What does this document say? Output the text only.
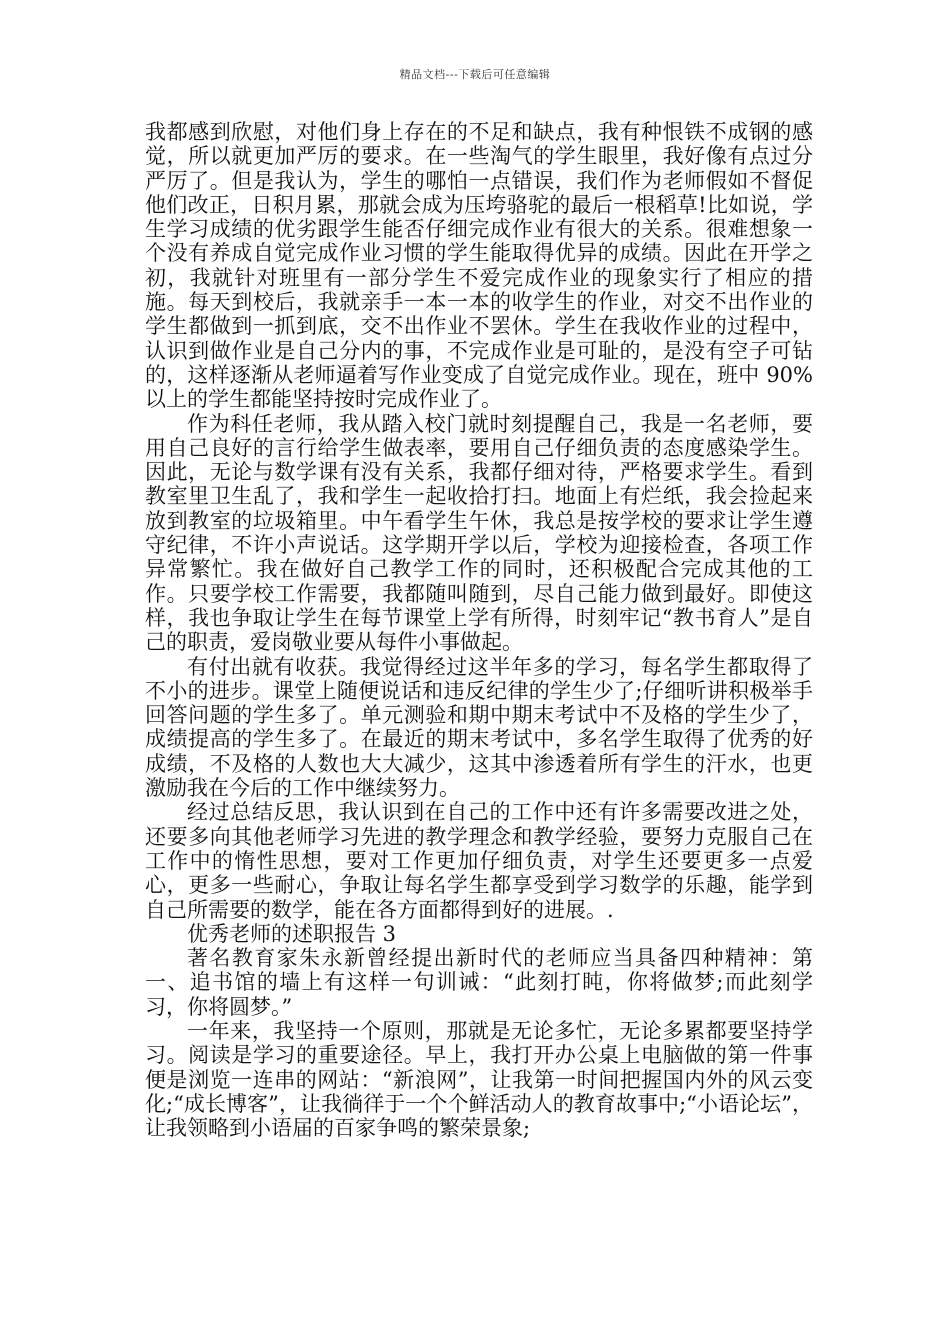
精品文档---下载后可任意编辑

我都感到欣慰，对他们身上存在的不足和缺点，我有种恨铁不成钢的感觉，所以就更加严厉的要求。在一些淘气的学生眼里，我好像有点过分严厉了。但是我认为，学生的哪怕一点错误，我们作为老师假如不督促他们改正，日积月累，那就会成为压垮骆驼的最后一根稻草!比如说，学生学习成绩的优劣跟学生能否仔细完成作业有很大的关系。很难想象一个没有养成自觉完成作业习惯的学生能取得优异的成绩。因此在开学之初，我就针对班里有一部分学生不爱完成作业的现象实行了相应的措施。每天到校后，我就亲手一本一本的收学生的作业，对交不出作业的学生都做到一抓到底，交不出作业不罢休。学生在我收作业的过程中，认识到做作业是自己分内的事，不完成作业是可耻的，是没有空子可钻的，这样逐渐从老师逼着写作业变成了自觉完成作业。现在，班中 90%以上的学生都能坚持按时完成作业了。

作为科任老师，我从踏入校门就时刻提醒自己，我是一名老师，要用自己良好的言行给学生做表率，要用自己仔细负责的态度感染学生。因此，无论与数学课有没有关系，我都仔细对待，严格要求学生。看到教室里卫生乱了，我和学生一起收拾打扫。地面上有烂纸，我会捡起来放到教室的垃圾箱里。中午看学生午休，我总是按学校的要求让学生遵守纪律，不许小声说话。这学期开学以后，学校为迎接检查，各项工作异常繁忙。我在做好自己教学工作的同时，还积极配合完成其他的工作。只要学校工作需要，我都随叫随到，尽自己能力做到最好。即使这样，我也争取让学生在每节课堂上学有所得，时刻牢记“教书育人”是自己的职责，爱岗敬业要从每件小事做起。

有付出就有收获。我觉得经过这半年多的学习，每名学生都取得了不小的进步。课堂上随便说话和违反纪律的学生少了;仔细听讲积极举手回答问题的学生多了。单元测验和期中期末考试中不及格的学生少了，成绩提高的学生多了。在最近的期末考试中，多名学生取得了优秀的好成绩，不及格的人数也大大减少，这其中渗透着所有学生的汗水，也更激励我在今后的工作中继续努力。

经过总结反思，我认识到在自己的工作中还有许多需要改进之处，还要多向其他老师学习先进的教学理念和教学经验，要努力克服自己在工作中的惰性思想，要对工作更加仔细负责，对学生还要更多一点爱心，更多一些耐心，争取让每名学生都享受到学习数学的乐趣，能学到自己所需要的数学，能在各方面都得到好的进展。.

优秀老师的述职报告 3

著名教育家朱永新曾经提出新时代的老师应当具备四种精神：第一、追书馆的墙上有这样一句训诫：“此刻打盹，你将做梦;而此刻学习，你将圆梦。”

一年来，我坚持一个原则，那就是无论多忙，无论多累都要坚持学习。阅读是学习的重要途径。早上，我打开办公桌上电脑做的第一件事便是浏览一连串的网站：“新浪网”，让我第一时间把握国内外的风云变化;“成长博客”，让我徜徉于一个个鲜活动人的教育故事中;“小语论坛”，让我领略到小语届的百家争鸣的繁荣景象;
